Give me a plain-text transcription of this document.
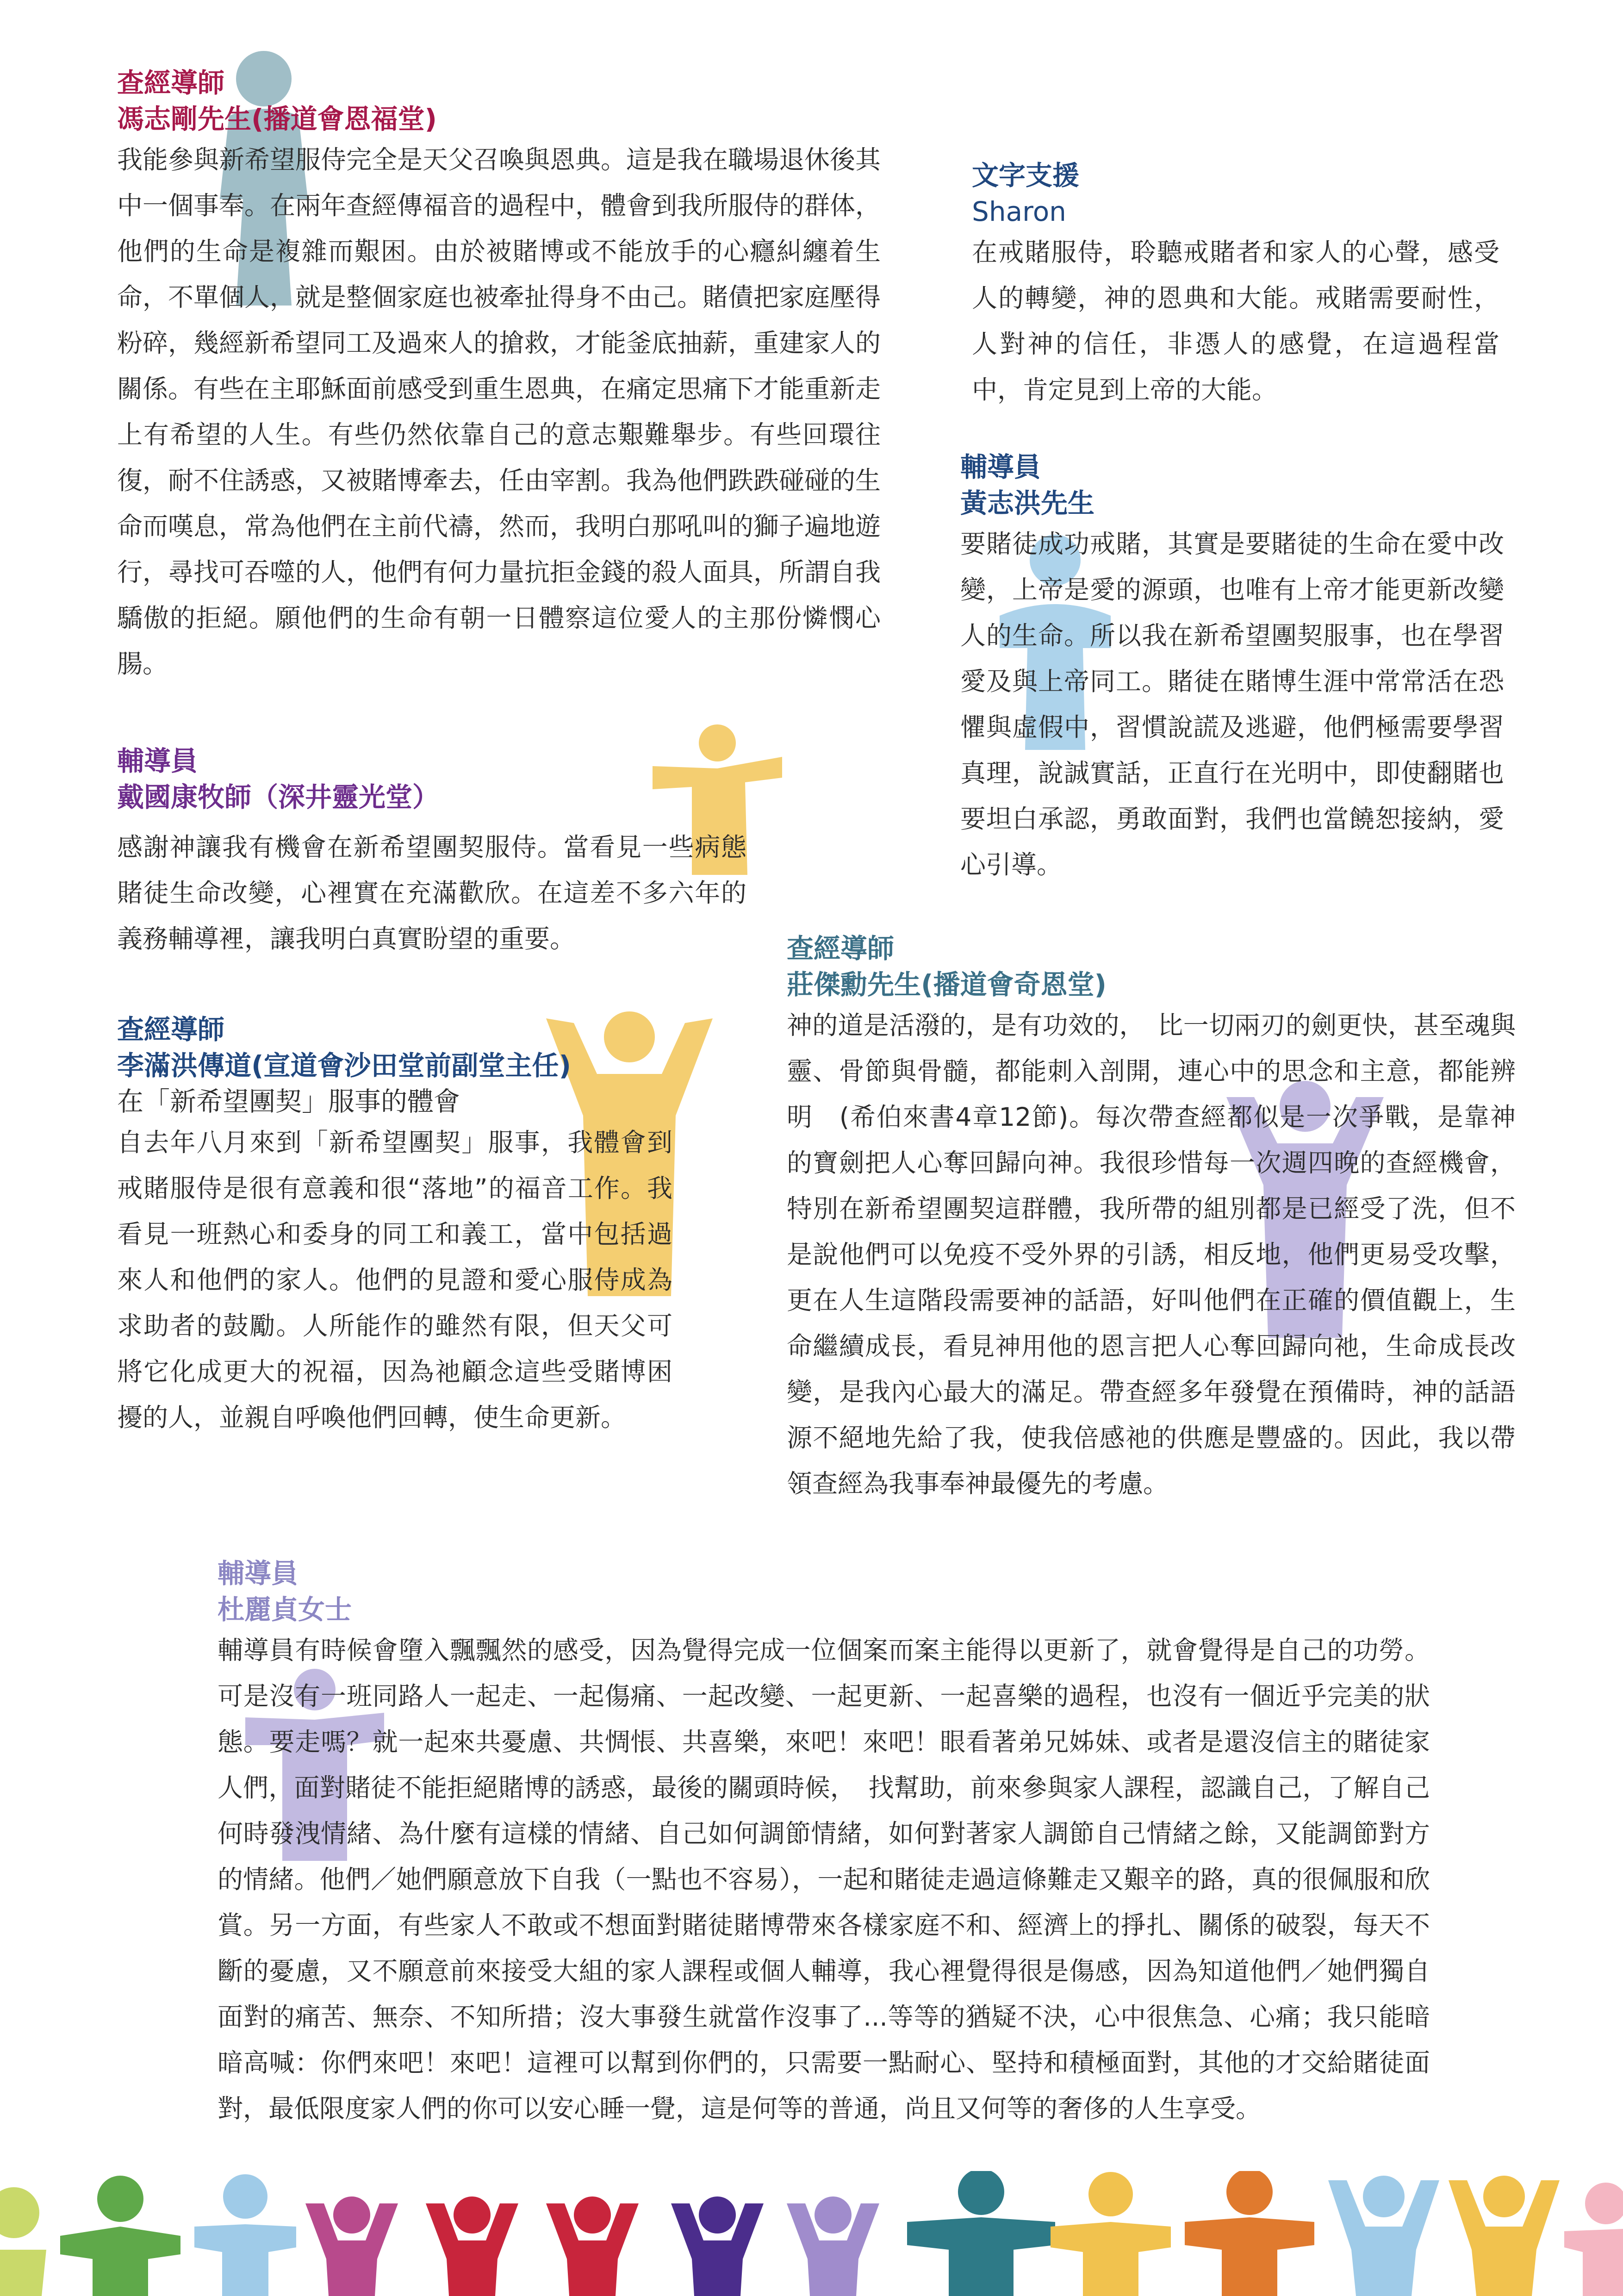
查經導師

馮志剛先生(播道會恩福堂)

我能參與新希望服侍完全是天父召喚與恩典。這是我在職場退休後其中一個事奉。在兩年查經傳福音的過程中，體會到我所服侍的群体，他們的生命是複雜而艱困。由於被賭博或不能放手的心癮糾纏着生命，不單個人，就是整個家庭也被牽扯得身不由己。賭債把家庭壓得粉碎，幾經新希望同工及過來人的搶救，才能釜底抽薪，重建家人的關係。有些在主耶穌面前感受到重生恩典，在痛定思痛下才能重新走上有希望的人生。有些仍然依靠自己的意志艱難舉步。有些回環往復，耐不住誘惑，又被賭博牽去，任由宰割。我為他們跌跌碰碰的生命而嘆息，常為他們在主前代禱，然而，我明白那吼叫的獅子遍地遊行，尋找可吞噬的人，他們有何力量抗拒金錢的殺人面具，所謂自我驕傲的拒絕。願他們的生命有朝一日體察這位愛人的主那份憐憫心腸。

文字支援

Sharon

在戒賭服侍，聆聽戒賭者和家人的心聲，感受人的轉變，神的恩典和大能。戒賭需要耐性，人對神的信任，非憑人的感覺，在這過程當中，肯定見到上帝的大能。

輔導員

黃志洪先生

要賭徒成功戒賭，其實是要賭徒的生命在愛中改變，上帝是愛的源頭，也唯有上帝才能更新改變人的生命。所以我在新希望團契服事，也在學習愛及與上帝同工。賭徒在賭博生涯中常常活在恐懼與虛假中，習慣說謊及逃避，他們極需要學習真理，說誠實話，正直行在光明中，即使翻賭也要坦白承認，勇敢面對，我們也當饒恕接納，愛心引導。

輔導員

戴國康牧師（深井靈光堂）

感謝神讓我有機會在新希望團契服侍。當看見一些病態賭徒生命改變，心裡實在充滿歡欣。在這差不多六年的義務輔導裡，讓我明白真實盼望的重要。	查經導師

莊傑勳先生(播道會奇恩堂)

神的道是活潑的，是有功效的，　比一切兩刃的劍更快，甚至魂與靈、骨節與骨髓，都能刺入剖開，連心中的思念和主意，都能辨明　(希伯來書4章12節)。每次帶查經都似是一次爭戰，是靠神的寶劍把人心奪回歸向神。我很珍惜每一次週四晚的查經機會，特別在新希望團契這群體，我所帶的組別都是已經受了洗，但不是說他們可以免疫不受外界的引誘，相反地，他們更易受攻擊，更在人生這階段需要神的話語，好叫他們在正確的價值觀上，生命繼續成長，看見神用他的恩言把人心奪回歸向祂，生命成長改變，是我內心最大的滿足。帶查經多年發覺在預備時，神的話語源不絕地先給了我，使我倍感祂的供應是豐盛的。因此，我以帶領查經為我事奉神最優先的考慮。

查經導師

李滿洪傳道(宣道會沙田堂前副堂主任)

在「新希望團契」服事的體會

自去年八月來到「新希望團契」服事，我體會到戒賭服侍是很有意義和很“落地”的福音工作。我看見一班熱心和委身的同工和義工，當中包括過來人和他們的家人。他們的見證和愛心服侍成為求助者的鼓勵。人所能作的雖然有限，但天父可將它化成更大的祝福，因為祂顧念這些受賭博困擾的人，並親自呼喚他們回轉，使生命更新。

輔導員

杜麗貞女士

輔導員有時候會墮入飄飄然的感受，因為覺得完成一位個案而案主能得以更新了，就會覺得是自己的功勞。可是沒有一班同路人一起走、一起傷痛、一起改變、一起更新、一起喜樂的過程，也沒有一個近乎完美的狀態。要走嗎？就一起來共憂慮、共惆悵、共喜樂，來吧！來吧！眼看著弟兄姊妹、或者是還沒信主的賭徒家人們，面對賭徒不能拒絕賭博的誘惑，最後的關頭時候，　找幫助，前來參與家人課程，認識自己，了解自己何時發洩情緒、為什麼有這樣的情緒、自己如何調節情緒，如何對著家人調節自己情緒之餘，又能調節對方的情緒。他們／她們願意放下自我（一點也不容易），一起和賭徒走過這條難走又艱辛的路，真的很佩服和欣賞。另一方面，有些家人不敢或不想面對賭徒賭博帶來各樣家庭不和、經濟上的掙扎、關係的破裂，每天不斷的憂慮，又不願意前來接受大組的家人課程或個人輔導，我心裡覺得很是傷感，因為知道他們／她們獨自面對的痛苦、無奈、不知所措；沒大事發生就當作沒事了...等等的猶疑不決，心中很焦急、心痛；我只能暗暗高喊：你們來吧！來吧！這裡可以幫到你們的，只需要一點耐心、堅持和積極面對，其他的才交給賭徒面對，最低限度家人們的你可以安心睡一覺，這是何等的普通，尚且又何等的奢侈的人生享受。
